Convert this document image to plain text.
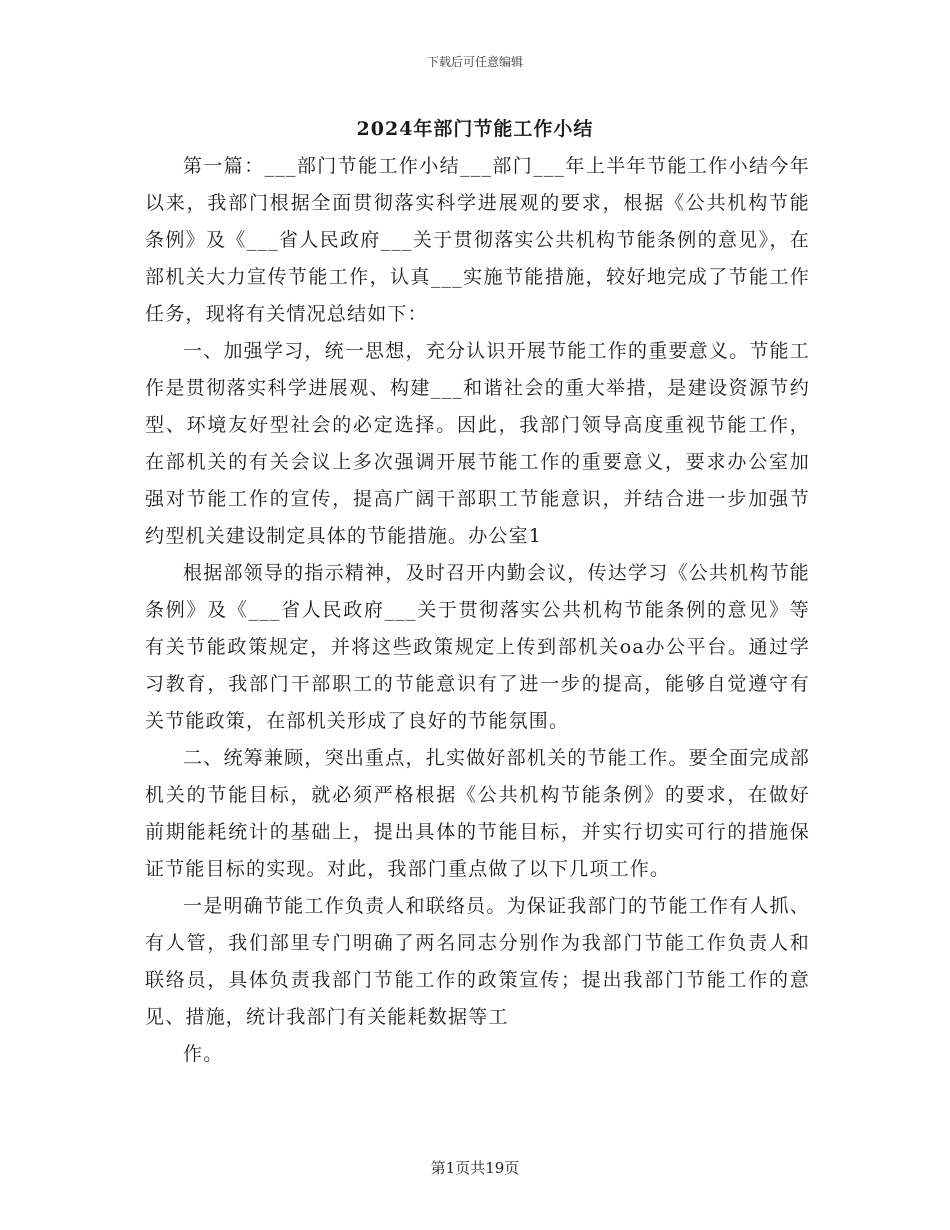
下载后可任意编辑
2024年部门节能工作小结

第一篇：___部门节能工作小结___部门___年上半年节能工作小结今年以来，我部门根据全面贯彻落实科学进展观的要求，根据《公共机构节能条例》及《___省人民政府___关于贯彻落实公共机构节能条例的意见》，在部机关大力宣传节能工作，认真___实施节能措施，较好地完成了节能工作任务，现将有关情况总结如下：

一、加强学习，统一思想，充分认识开展节能工作的重要意义。节能工作是贯彻落实科学进展观、构建___和谐社会的重大举措，是建设资源节约型、环境友好型社会的必定选择。因此，我部门领导高度重视节能工作，在部机关的有关会议上多次强调开展节能工作的重要意义，要求办公室加强对节能工作的宣传，提高广阔干部职工节能意识，并结合进一步加强节约型机关建设制定具体的节能措施。办公室1

根据部领导的指示精神，及时召开内勤会议，传达学习《公共机构节能条例》及《___省人民政府___关于贯彻落实公共机构节能条例的意见》等有关节能政策规定，并将这些政策规定上传到部机关oa办公平台。通过学习教育，我部门干部职工的节能意识有了进一步的提高，能够自觉遵守有关节能政策，在部机关形成了良好的节能氛围。

二、统筹兼顾，突出重点，扎实做好部机关的节能工作。要全面完成部机关的节能目标，就必须严格根据《公共机构节能条例》的要求，在做好前期能耗统计的基础上，提出具体的节能目标，并实行切实可行的措施保证节能目标的实现。对此，我部门重点做了以下几项工作。

一是明确节能工作负责人和联络员。为保证我部门的节能工作有人抓、有人管，我们部里专门明确了两名同志分别作为我部门节能工作负责人和联络员，具体负责我部门节能工作的政策宣传；提出我部门节能工作的意见、措施，统计我部门有关能耗数据等工

作。

第1页共19页
